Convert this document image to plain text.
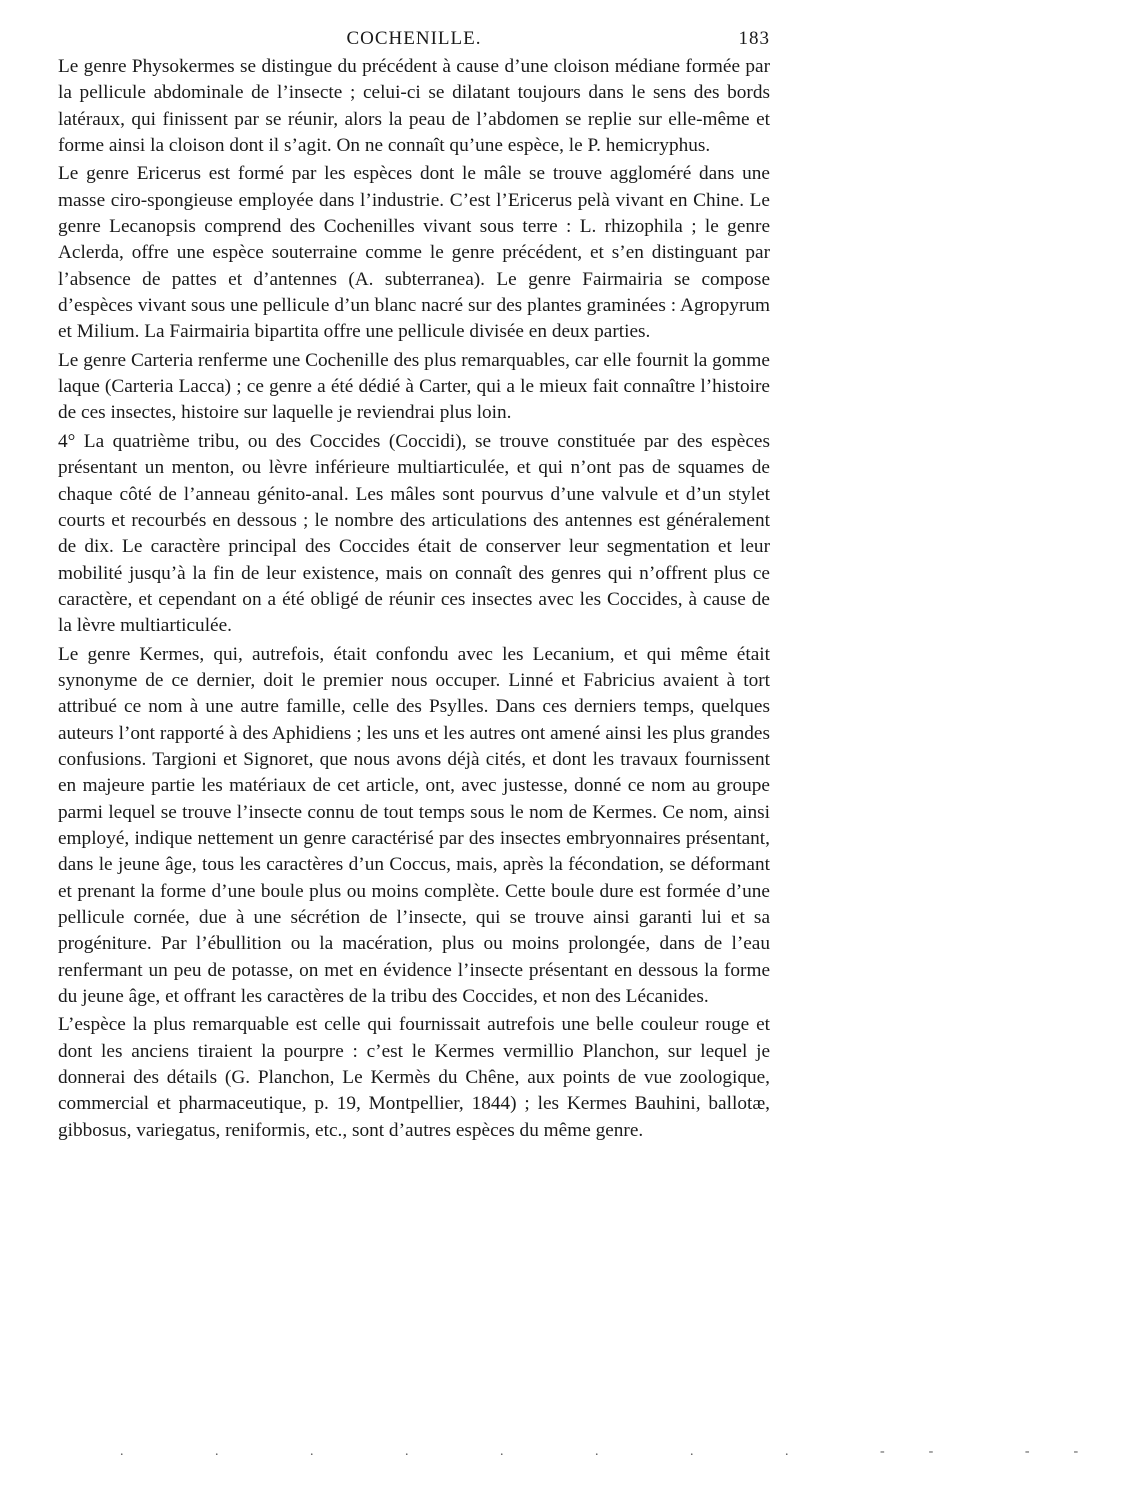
COCHENILLE.	183

Le genre Physokermes se distingue du précédent à cause d’une cloison médiane formée par la pellicule abdominale de l’insecte ; celui-ci se dilatant toujours dans le sens des bords latéraux, qui finissent par se réunir, alors la peau de l’abdomen se replie sur elle-même et forme ainsi la cloison dont il s’agit. On ne connaît qu’une espèce, le P. hemicryphus.

Le genre Ericerus est formé par les espèces dont le mâle se trouve aggloméré dans une masse ciro-spongieuse employée dans l’industrie. C’est l’Ericerus pelà vivant en Chine. Le genre Lecanopsis comprend des Cochenilles vivant sous terre : L. rhizophila ; le genre Aclerda, offre une espèce souterraine comme le genre précédent, et s’en distinguant par l’absence de pattes et d’antennes (A. subterranea). Le genre Fairmairia se compose d’espèces vivant sous une pellicule d’un blanc nacré sur des plantes graminées : Agropyrum et Milium. La Fairmairia bipartita offre une pellicule divisée en deux parties.

Le genre Carteria renferme une Cochenille des plus remarquables, car elle fournit la gomme laque (Carteria Lacca) ; ce genre a été dédié à Carter, qui a le mieux fait connaître l’histoire de ces insectes, histoire sur laquelle je reviendrai plus loin.

4° La quatrième tribu, ou des Coccides (Coccidi), se trouve constituée par des espèces présentant un menton, ou lèvre inférieure multiarticulée, et qui n’ont pas de squames de chaque côté de l’anneau génito-anal. Les mâles sont pourvus d’une valvule et d’un stylet courts et recourbés en dessous ; le nombre des articulations des antennes est généralement de dix. Le caractère principal des Coccides était de conserver leur segmentation et leur mobilité jusqu’à la fin de leur existence, mais on connaît des genres qui n’offrent plus ce caractère, et cependant on a été obligé de réunir ces insectes avec les Coccides, à cause de la lèvre multiarticulée.

Le genre Kermes, qui, autrefois, était confondu avec les Lecanium, et qui même était synonyme de ce dernier, doit le premier nous occuper. Linné et Fabricius avaient à tort attribué ce nom à une autre famille, celle des Psylles. Dans ces derniers temps, quelques auteurs l’ont rapporté à des Aphidiens ; les uns et les autres ont amené ainsi les plus grandes confusions. Targioni et Signoret, que nous avons déjà cités, et dont les travaux fournissent en majeure partie les matériaux de cet article, ont, avec justesse, donné ce nom au groupe parmi lequel se trouve l’insecte connu de tout temps sous le nom de Kermes. Ce nom, ainsi employé, indique nettement un genre caractérisé par des insectes embryonnaires présentant, dans le jeune âge, tous les caractères d’un Coccus, mais, après la fécondation, se déformant et prenant la forme d’une boule plus ou moins complète. Cette boule dure est formée d’une pellicule cornée, due à une sécrétion de l’insecte, qui se trouve ainsi garanti lui et sa progéniture. Par l’ébullition ou la macération, plus ou moins prolongée, dans de l’eau renfermant un peu de potasse, on met en évidence l’insecte présentant en dessous la forme du jeune âge, et offrant les caractères de la tribu des Coccides, et non des Lécanides.

L’espèce la plus remarquable est celle qui fournissait autrefois une belle couleur rouge et dont les anciens tiraient la pourpre : c’est le Kermes vermillio Planchon, sur lequel je donnerai des détails (G. Planchon, Le Kermès du Chêne, aux points de vue zoologique, commercial et pharmaceutique, p. 19, Montpellier, 1844) ; les Kermes Bauhini, ballotæ, gibbosus, variegatus, reniformis, etc., sont d’autres espèces du même genre.

. . . . . . . . -- --
